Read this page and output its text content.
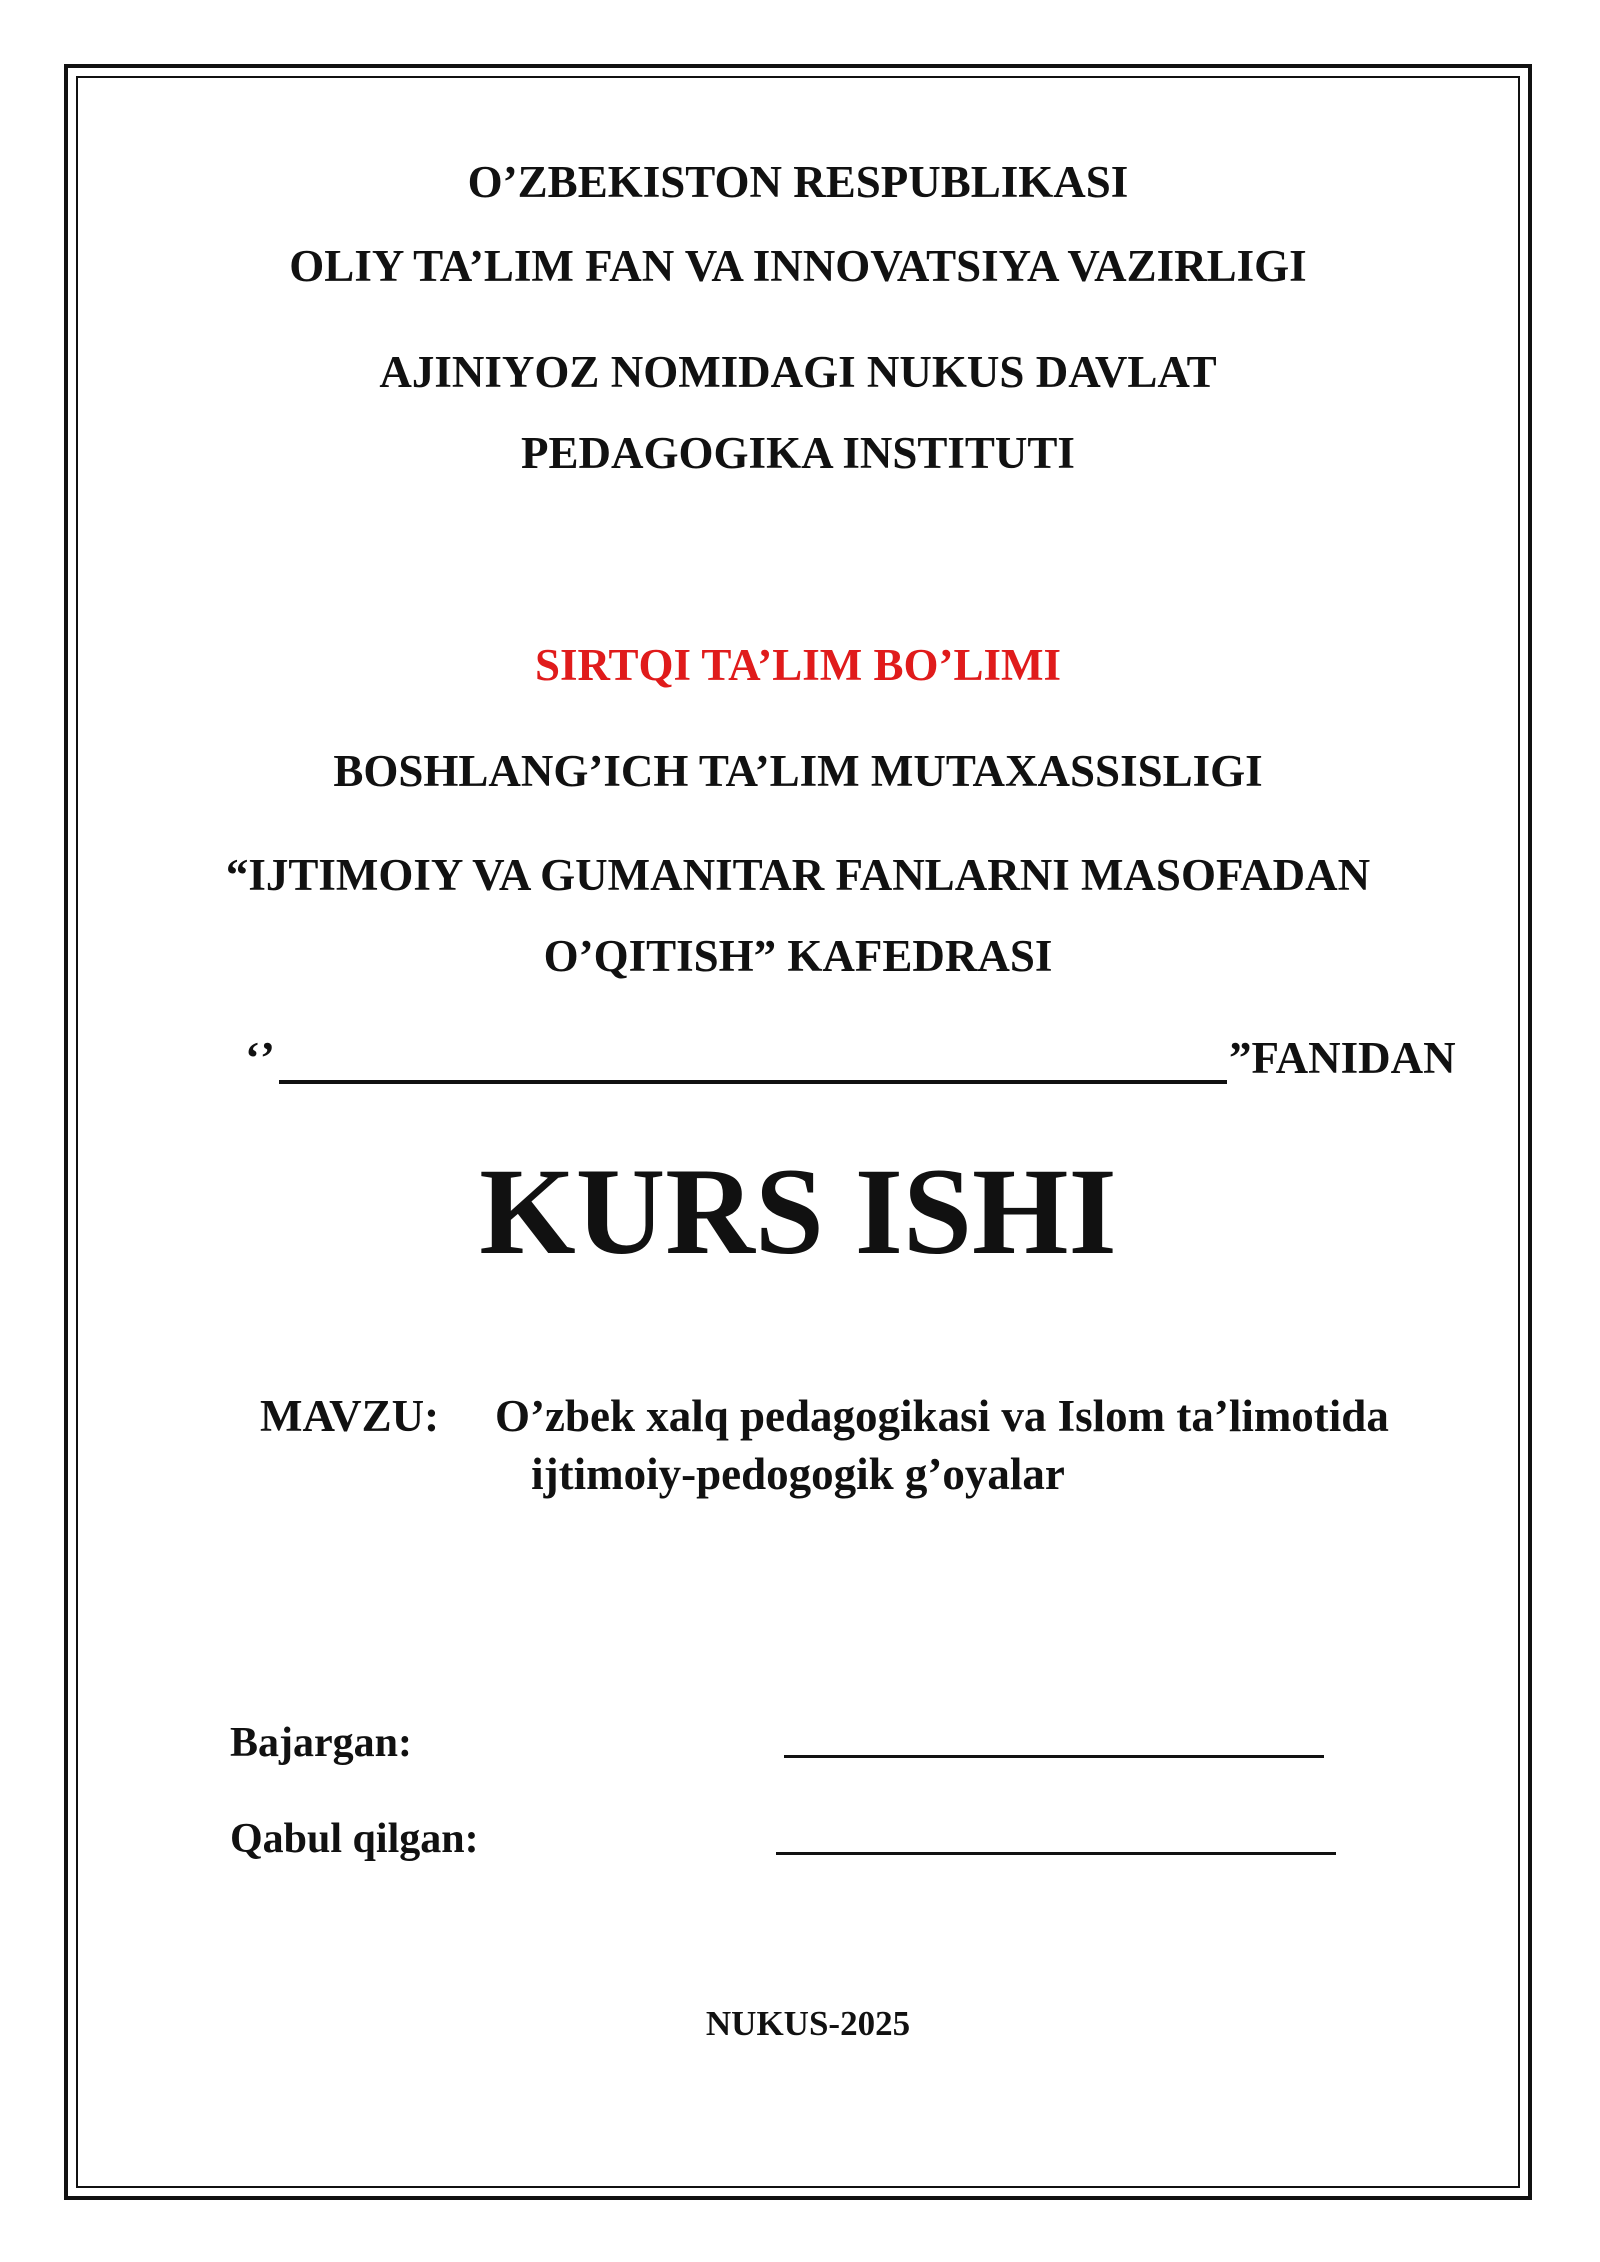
O’ZBEKISTON RESPUBLIKASI
OLIY TA’LIM FAN VA INNOVATSIYA VAZIRLIGI
AJINIYOZ NOMIDAGI NUKUS DAVLAT
PEDAGOGIKA INSTITUTI
SIRTQI TA’LIM BO’LIMI
BOSHLANG’ICH TA’LIM MUTAXASSISLIGI
“IJTIMOIY VA GUMANITAR FANLARNI MASOFADAN
O’QITISH” KAFEDRASI
‘’	”FANIDAN
KURS ISHI
MAVZU: O’zbek xalq pedagogikasi va Islom ta’limotida
ijtimoiy-pedogogik g’oyalar
Bajargan:
Qabul qilgan:
NUKUS-2025
